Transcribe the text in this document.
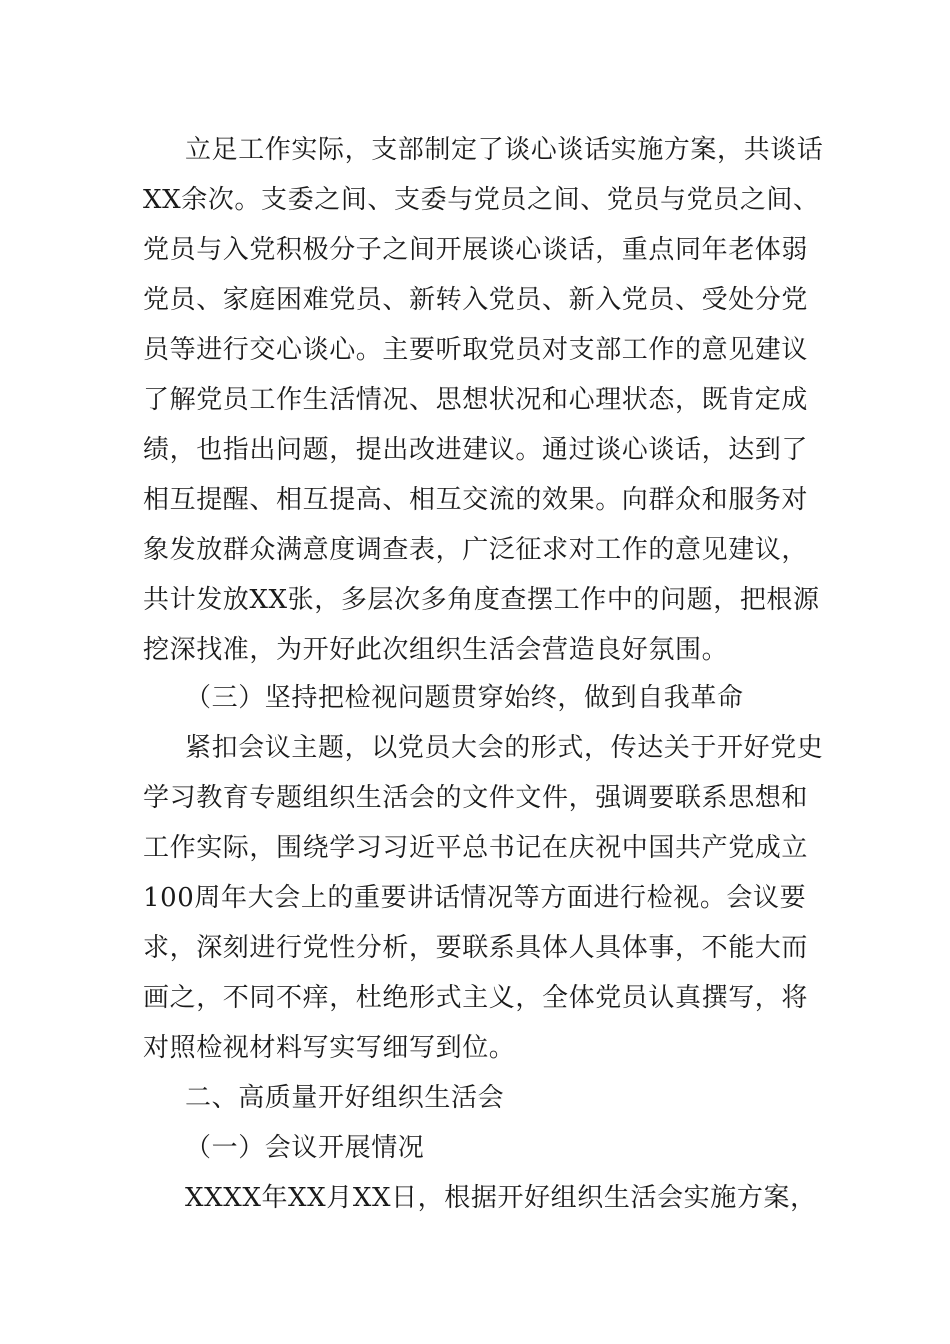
立足工作实际，支部制定了谈心谈话实施方案，共谈话
XX余次。支委之间、支委与党员之间、党员与党员之间、
党员与入党积极分子之间开展谈心谈话，重点同年老体弱
党员、家庭困难党员、新转入党员、新入党员、受处分党
员等进行交心谈心。主要听取党员对支部工作的意见建议
了解党员工作生活情况、思想状况和心理状态，既肯定成
绩，也指出问题，提出改进建议。通过谈心谈话，达到了
相互提醒、相互提高、相互交流的效果。向群众和服务对
象发放群众满意度调查表，广泛征求对工作的意见建议，
共计发放XX张，多层次多角度查摆工作中的问题，把根源
挖深找准，为开好此次组织生活会营造良好氛围。
（三）坚持把检视问题贯穿始终，做到自我革命
紧扣会议主题，以党员大会的形式，传达关于开好党史
学习教育专题组织生活会的文件文件，强调要联系思想和
工作实际，围绕学习习近平总书记在庆祝中国共产党成立
100周年大会上的重要讲话情况等方面进行检视。会议要
求，深刻进行党性分析，要联系具体人具体事，不能大而
画之，不同不痒，杜绝形式主义，全体党员认真撰写，将
对照检视材料写实写细写到位。
二、高质量开好组织生活会
（一）会议开展情况
XXXX年XX月XX日，根据开好组织生活会实施方案，
